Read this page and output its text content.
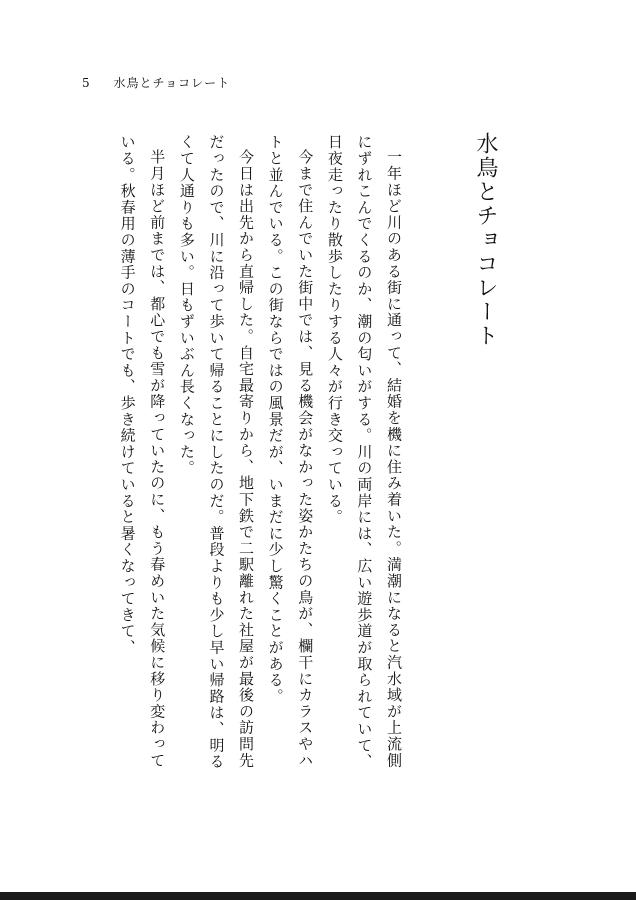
5 水鳥とチョコレート
水鳥とチョコレート

一年ほど川のある街に通って、結婚を機に住み着いた。満潮になると汽水域が上流側にずれこんでくるのか、潮の匂いがする。川の両岸には、広い遊歩道が取られていて、日夜走ったり散歩したりする人々が行き交っている。

今まで住んでいた街中では、見る機会がなかった姿かたちの鳥が、欄干にカラスやハトと並んでいる。この街ならではの風景だが、いまだに少し驚くことがある。

今日は出先から直帰した。自宅最寄りから、地下鉄で二駅離れた社屋が最後の訪問先だったので、川に沿って歩いて帰ることにしたのだ。普段よりも少し早い帰路は、明るくて人通りも多い。日もずいぶん長くなった。

半月ほど前までは、都心でも雪が降っていたのに、もう春めいた気候に移り変わっている。秋春用の薄手のコートでも、歩き続けていると暑くなってきて、
